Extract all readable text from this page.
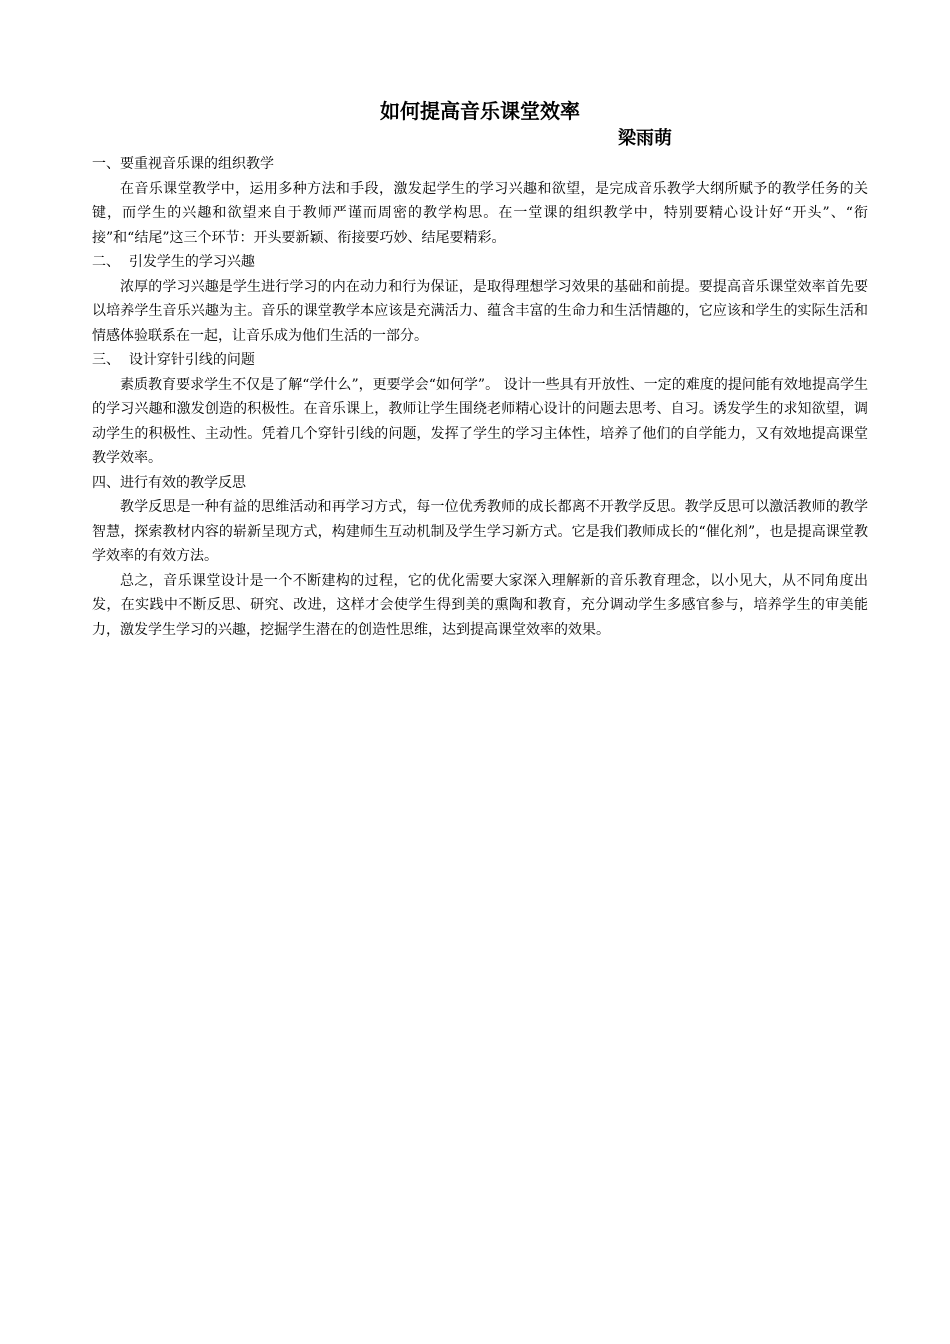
如何提高音乐课堂效率
梁雨萌

一、要重视音乐课的组织教学

在音乐课堂教学中，运用多种方法和手段，激发起学生的学习兴趣和欲望，是完成音乐教学大纲所赋予的教学任务的关键，而学生的兴趣和欲望来自于教师严谨而周密的教学构思。在一堂课的组织教学中，特别要精心设计好“开头”、“衔接”和“结尾”这三个环节：开头要新颖、衔接要巧妙、结尾要精彩。

二、  引发学生的学习兴趣

浓厚的学习兴趣是学生进行学习的内在动力和行为保证，是取得理想学习效果的基础和前提。要提高音乐课堂效率首先要以培养学生音乐兴趣为主。音乐的课堂教学本应该是充满活力、蕴含丰富的生命力和生活情趣的，它应该和学生的实际生活和情感体验联系在一起，让音乐成为他们生活的一部分。

三、  设计穿针引线的问题

素质教育要求学生不仅是了解“学什么”，更要学会“如何学”。 设计一些具有开放性、一定的难度的提问能有效地提高学生的学习兴趣和激发创造的积极性。在音乐课上，教师让学生围绕老师精心设计的问题去思考、自习。诱发学生的求知欲望，调动学生的积极性、主动性。凭着几个穿针引线的问题，发挥了学生的学习主体性，培养了他们的自学能力，又有效地提高课堂教学效率。

四、进行有效的教学反思

教学反思是一种有益的思维活动和再学习方式，每一位优秀教师的成长都离不开教学反思。教学反思可以激活教师的教学智慧，探索教材内容的崭新呈现方式，构建师生互动机制及学生学习新方式。它是我们教师成长的“催化剂”，也是提高课堂教学效率的有效方法。

总之，音乐课堂设计是一个不断建构的过程，它的优化需要大家深入理解新的音乐教育理念，以小见大，从不同角度出发，在实践中不断反思、研究、改进，这样才会使学生得到美的熏陶和教育，充分调动学生多感官参与，培养学生的审美能力，激发学生学习的兴趣，挖掘学生潜在的创造性思维，达到提高课堂效率的效果。
